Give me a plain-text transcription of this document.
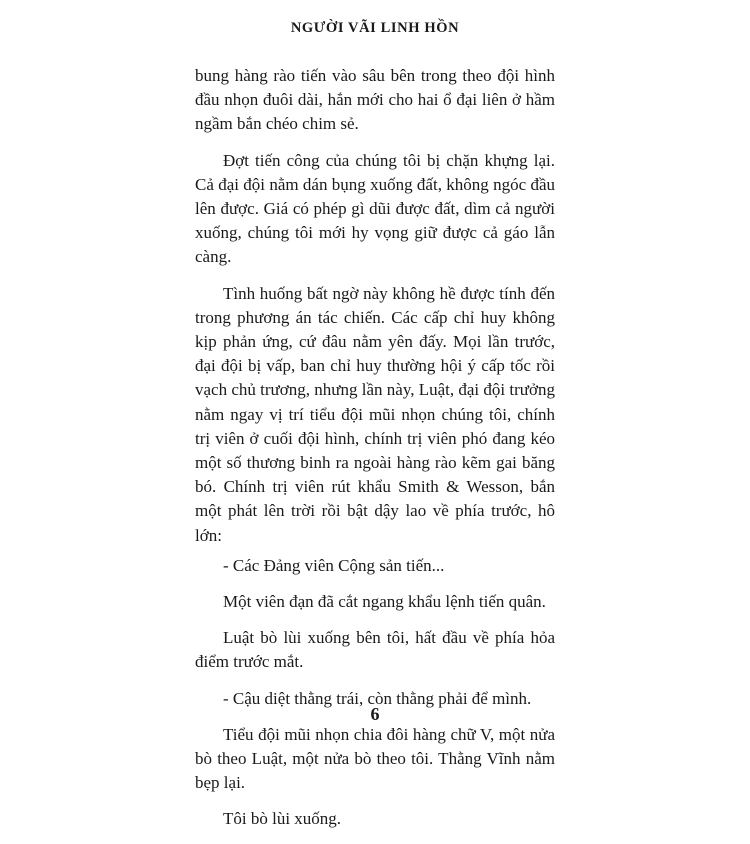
NGƯỜI VÃI LINH HỒN

bung hàng rào tiến vào sâu bên trong theo đội hình đầu nhọn đuôi dài, hắn mới cho hai ổ đại liên ở hầm ngầm bắn chéo chim sẻ.

Đợt tiến công của chúng tôi bị chặn khựng lại. Cả đại đội nằm dán bụng xuống đất, không ngóc đầu lên được. Giá có phép gì dũi được đất, dìm cả người xuống, chúng tôi mới hy vọng giữ được cả gáo lẫn càng.

Tình huống bất ngờ này không hề được tính đến trong phương án tác chiến. Các cấp chỉ huy không kịp phản ứng, cứ đâu nằm yên đấy. Mọi lần trước, đại đội bị vấp, ban chỉ huy thường hội ý cấp tốc rồi vạch chủ trương, nhưng lần này, Luật, đại đội trưởng nằm ngay vị trí tiểu đội mũi nhọn chúng tôi, chính trị viên ở cuối đội hình, chính trị viên phó đang kéo một số thương binh ra ngoài hàng rào kẽm gai băng bó. Chính trị viên rút khẩu Smith & Wesson, bắn một phát lên trời rồi bật dậy lao về phía trước, hô lớn:

- Các Đảng viên Cộng sản tiến...

Một viên đạn đã cắt ngang khẩu lệnh tiến quân.

Luật bò lùi xuống bên tôi, hất đầu về phía hỏa điểm trước mắt.

- Cậu diệt thằng trái, còn thằng phải để mình.

Tiểu đội mũi nhọn chia đôi hàng chữ V, một nửa bò theo Luật, một nửa bò theo tôi. Thằng Vĩnh nằm bẹp lại.

Tôi bò lùi xuống.

6
